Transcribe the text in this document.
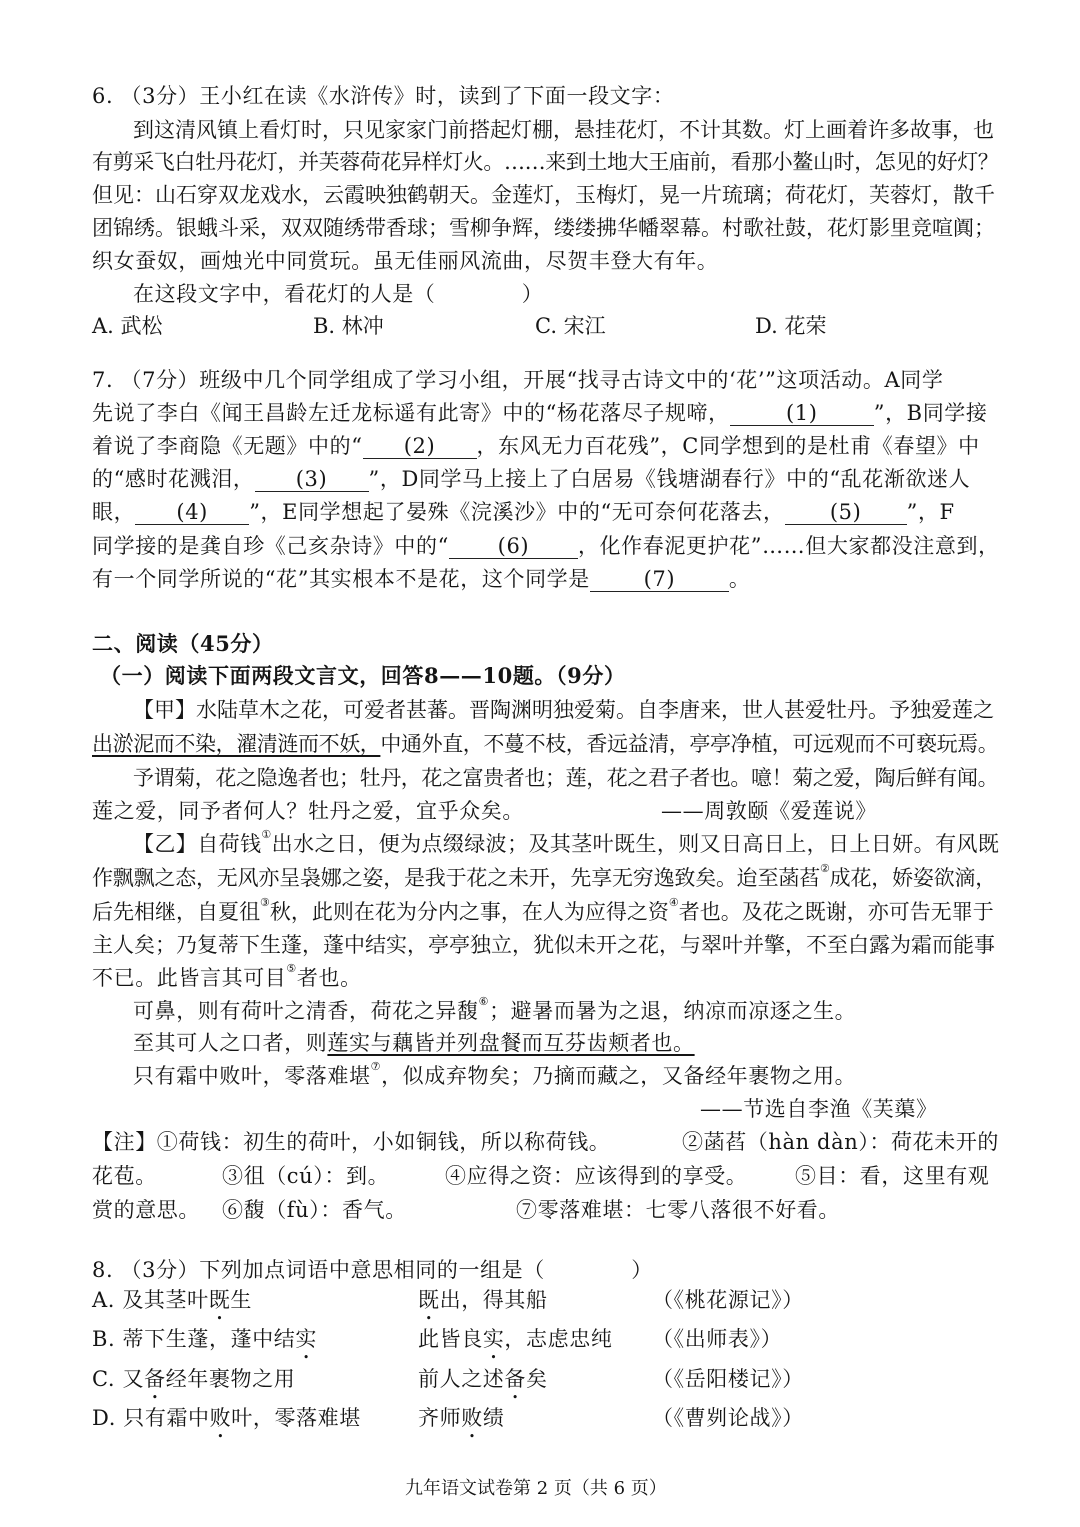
6. （3分）王小红在读《水浒传》时，读到了下面一段文字：
到这清风镇上看灯时，只见家家门前搭起灯棚，悬挂花灯，不计其数。灯上画着许多故事，也
有剪采飞白牡丹花灯，并芙蓉荷花异样灯火。……来到土地大王庙前，看那小鳌山时，怎见的好灯？
但见：山石穿双龙戏水，云霞映独鹤朝天。金莲灯，玉梅灯，晃一片琉璃；荷花灯，芙蓉灯，散千
团锦绣。银蛾斗采，双双随绣带香球；雪柳争辉，缕缕拂华幡翠幕。村歌社鼓，花灯影里竞喧阗；
织女蚕奴，画烛光中同赏玩。虽无佳丽风流曲，尽贺丰登大有年。
在这段文字中，看花灯的人是（　　　　）
A. 武松	B. 林冲	C. 宋江	D. 花荣
7. （7分）班级中几个同学组成了学习小组，开展“找寻古诗文中的‘花’”这项活动。A同学
先说了李白《闻王昌龄左迁龙标遥有此寄》中的“杨花落尽子规啼，	(1)	”，B同学接
着说了李商隐《无题》中的“ (2) ，东风无力百花残”，C同学想到的是杜甫《春望》中
的“感时花溅泪， (3) ”，D同学马上接上了白居易《钱塘湖春行》中的“乱花渐欲迷人
眼， (4) ”，E同学想起了晏殊《浣溪沙》中的“无可奈何花落去， (5) ”，F
同学接的是龚自珍《己亥杂诗》中的“ (6) ，化作春泥更护花”……但大家都没注意到，
有一个同学所说的“花”其实根本不是花，这个同学是	(7)	。
二、阅读（45分）
（一）阅读下面两段文言文，回答8——10题。（9分）
【甲】水陆草木之花，可爱者甚蕃。晋陶渊明独爱菊。自李唐来，世人甚爱牡丹。予独爱莲之
出淤泥而不染，濯清涟而不妖，中通外直，不蔓不枝，香远益清，亭亭净植，可远观而不可亵玩焉。
予谓菊，花之隐逸者也；牡丹，花之富贵者也；莲，花之君子者也。噫！菊之爱，陶后鲜有闻。
莲之爱，同予者何人？牡丹之爱，宜乎众矣。	——周敦颐《爱莲说》
【乙】自荷钱①出水之日，便为点缀绿波；及其茎叶既生，则又日高日上，日上日妍。有风既
作飘飘之态，无风亦呈袅娜之姿，是我于花之未开，先享无穷逸致矣。迨至菡萏②成花，娇姿欲滴，
后先相继，自夏徂③秋，此则在花为分内之事，在人为应得之资④者也。及花之既谢，亦可告无罪于
主人矣；乃复蒂下生蓬，蓬中结实，亭亭独立，犹似未开之花，与翠叶并擎，不至白露为霜而能事
不已。此皆言其可目⑤者也。
可鼻，则有荷叶之清香，荷花之异馥⑥；避暑而暑为之退，纳凉而凉逐之生。
至其可人之口者，则莲实与藕皆并列盘餐而互芬齿颊者也。
只有霜中败叶，零落难堪⑦，似成弃物矣；乃摘而藏之，又备经年裹物之用。
——节选自李渔《芙蕖》
【注】①荷钱：初生的荷叶，小如铜钱，所以称荷钱。	②菡萏（hàn dàn）：荷花未开的
花苞。	③徂（cú）：到。	④应得之资：应该得到的享受。 ⑤目：看，这里有观
赏的意思。 ⑥馥（fù）：香气。	⑦零落难堪：七零八落很不好看。
8. （3分）下列加点词语中意思相同的一组是（　　　　）
A. 及其茎叶既生	既出，得其船	（《桃花源记》）
B. 蒂下生蓬，蓬中结实	此皆良实，志虑忠纯 （《出师表》）
C. 又备经年裹物之用	前人之述备矣	（《岳阳楼记》）
D. 只有霜中败叶，零落难堪	齐师败绩	（《曹刿论战》）
九年语文试卷第 2 页（共 6 页）
